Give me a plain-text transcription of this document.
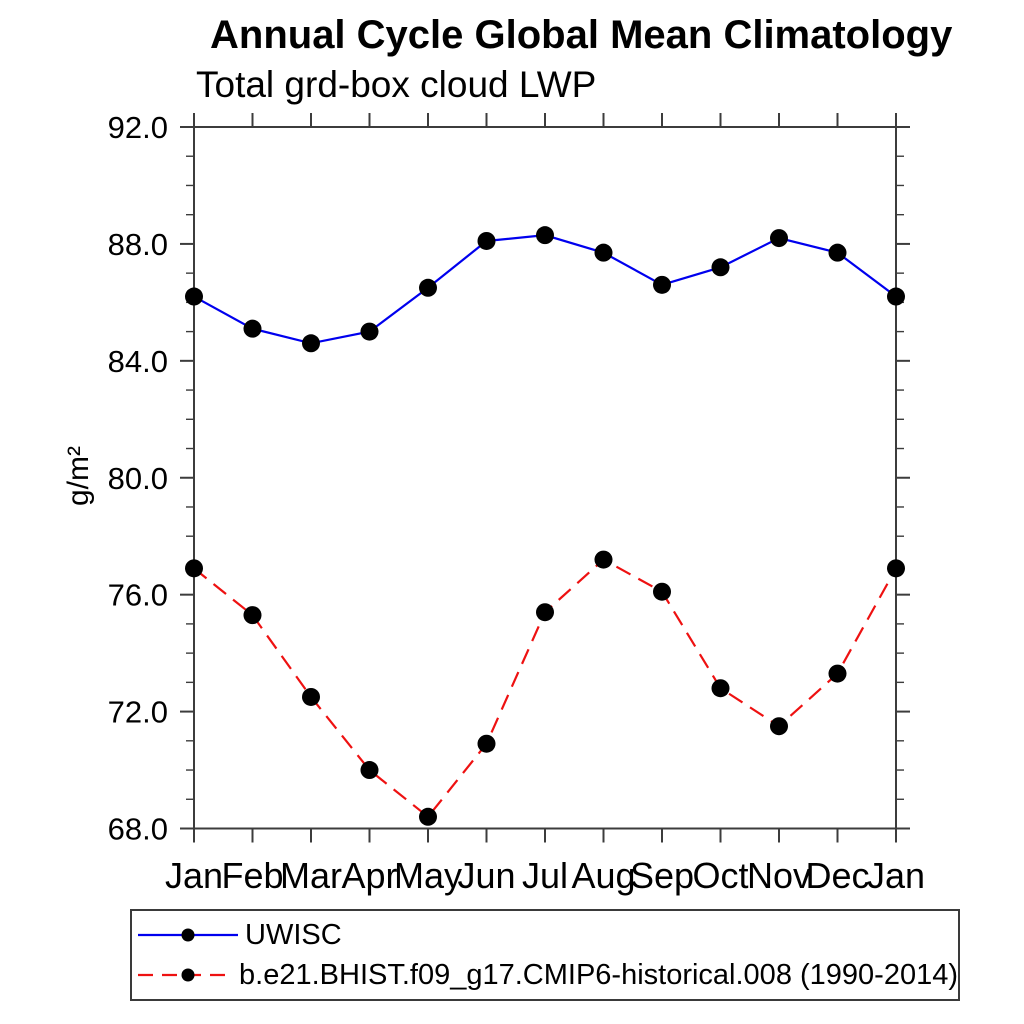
68.0
72.0
76.0
80.0
84.0
88.0
92.0
Jan
Feb
Mar Apr
May
Jun Jul Aug
Sep
Oct
Nov
Dec
Jan
Annual Cycle Global Mean Climatology
Total grd-box cloud LWP
g/m²
UWISC
b.e21.BHIST.f09_g17.CMIP6-historical.008 (1990-2014)
